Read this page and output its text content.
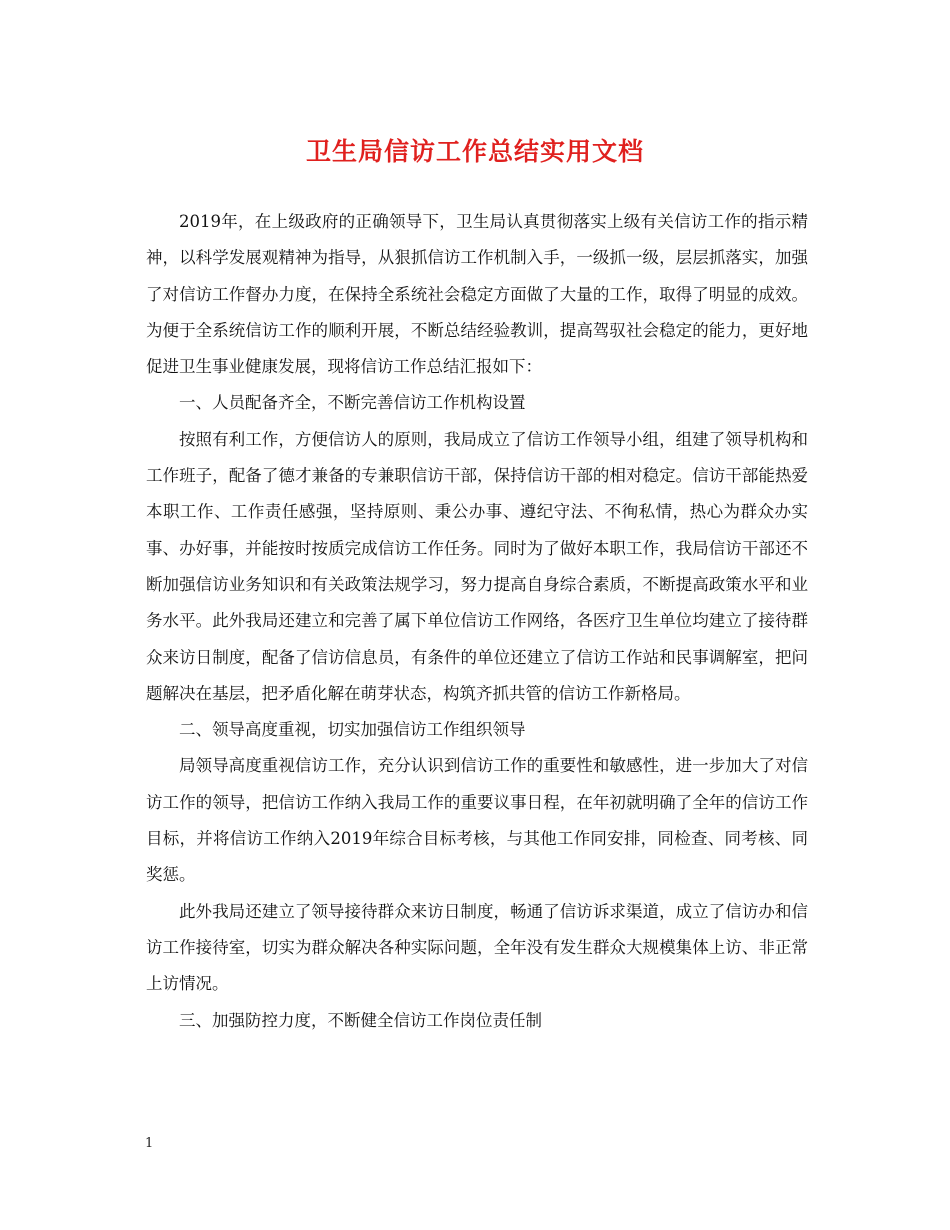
卫生局信访工作总结实用文档

2019年，在上级政府的正确领导下，卫生局认真贯彻落实上级有关信访工作的指示精神，以科学发展观精神为指导，从狠抓信访工作机制入手，一级抓一级，层层抓落实，加强了对信访工作督办力度，在保持全系统社会稳定方面做了大量的工作，取得了明显的成效。为便于全系统信访工作的顺利开展，不断总结经验教训，提高驾驭社会稳定的能力，更好地促进卫生事业健康发展，现将信访工作总结汇报如下：

一、人员配备齐全，不断完善信访工作机构设置

按照有利工作，方便信访人的原则，我局成立了信访工作领导小组，组建了领导机构和工作班子，配备了德才兼备的专兼职信访干部，保持信访干部的相对稳定。信访干部能热爱本职工作、工作责任感强，坚持原则、秉公办事、遵纪守法、不徇私情，热心为群众办实事、办好事，并能按时按质完成信访工作任务。同时为了做好本职工作，我局信访干部还不断加强信访业务知识和有关政策法规学习，努力提高自身综合素质，不断提高政策水平和业务水平。此外我局还建立和完善了属下单位信访工作网络，各医疗卫生单位均建立了接待群众来访日制度，配备了信访信息员，有条件的单位还建立了信访工作站和民事调解室，把问题解决在基层，把矛盾化解在萌芽状态，构筑齐抓共管的信访工作新格局。

二、领导高度重视，切实加强信访工作组织领导

局领导高度重视信访工作，充分认识到信访工作的重要性和敏感性，进一步加大了对信访工作的领导，把信访工作纳入我局工作的重要议事日程，在年初就明确了全年的信访工作目标，并将信访工作纳入2019年综合目标考核，与其他工作同安排，同检查、同考核、同奖惩。

此外我局还建立了领导接待群众来访日制度，畅通了信访诉求渠道，成立了信访办和信访工作接待室，切实为群众解决各种实际问题，全年没有发生群众大规模集体上访、非正常上访情况。

三、加强防控力度，不断健全信访工作岗位责任制

1
